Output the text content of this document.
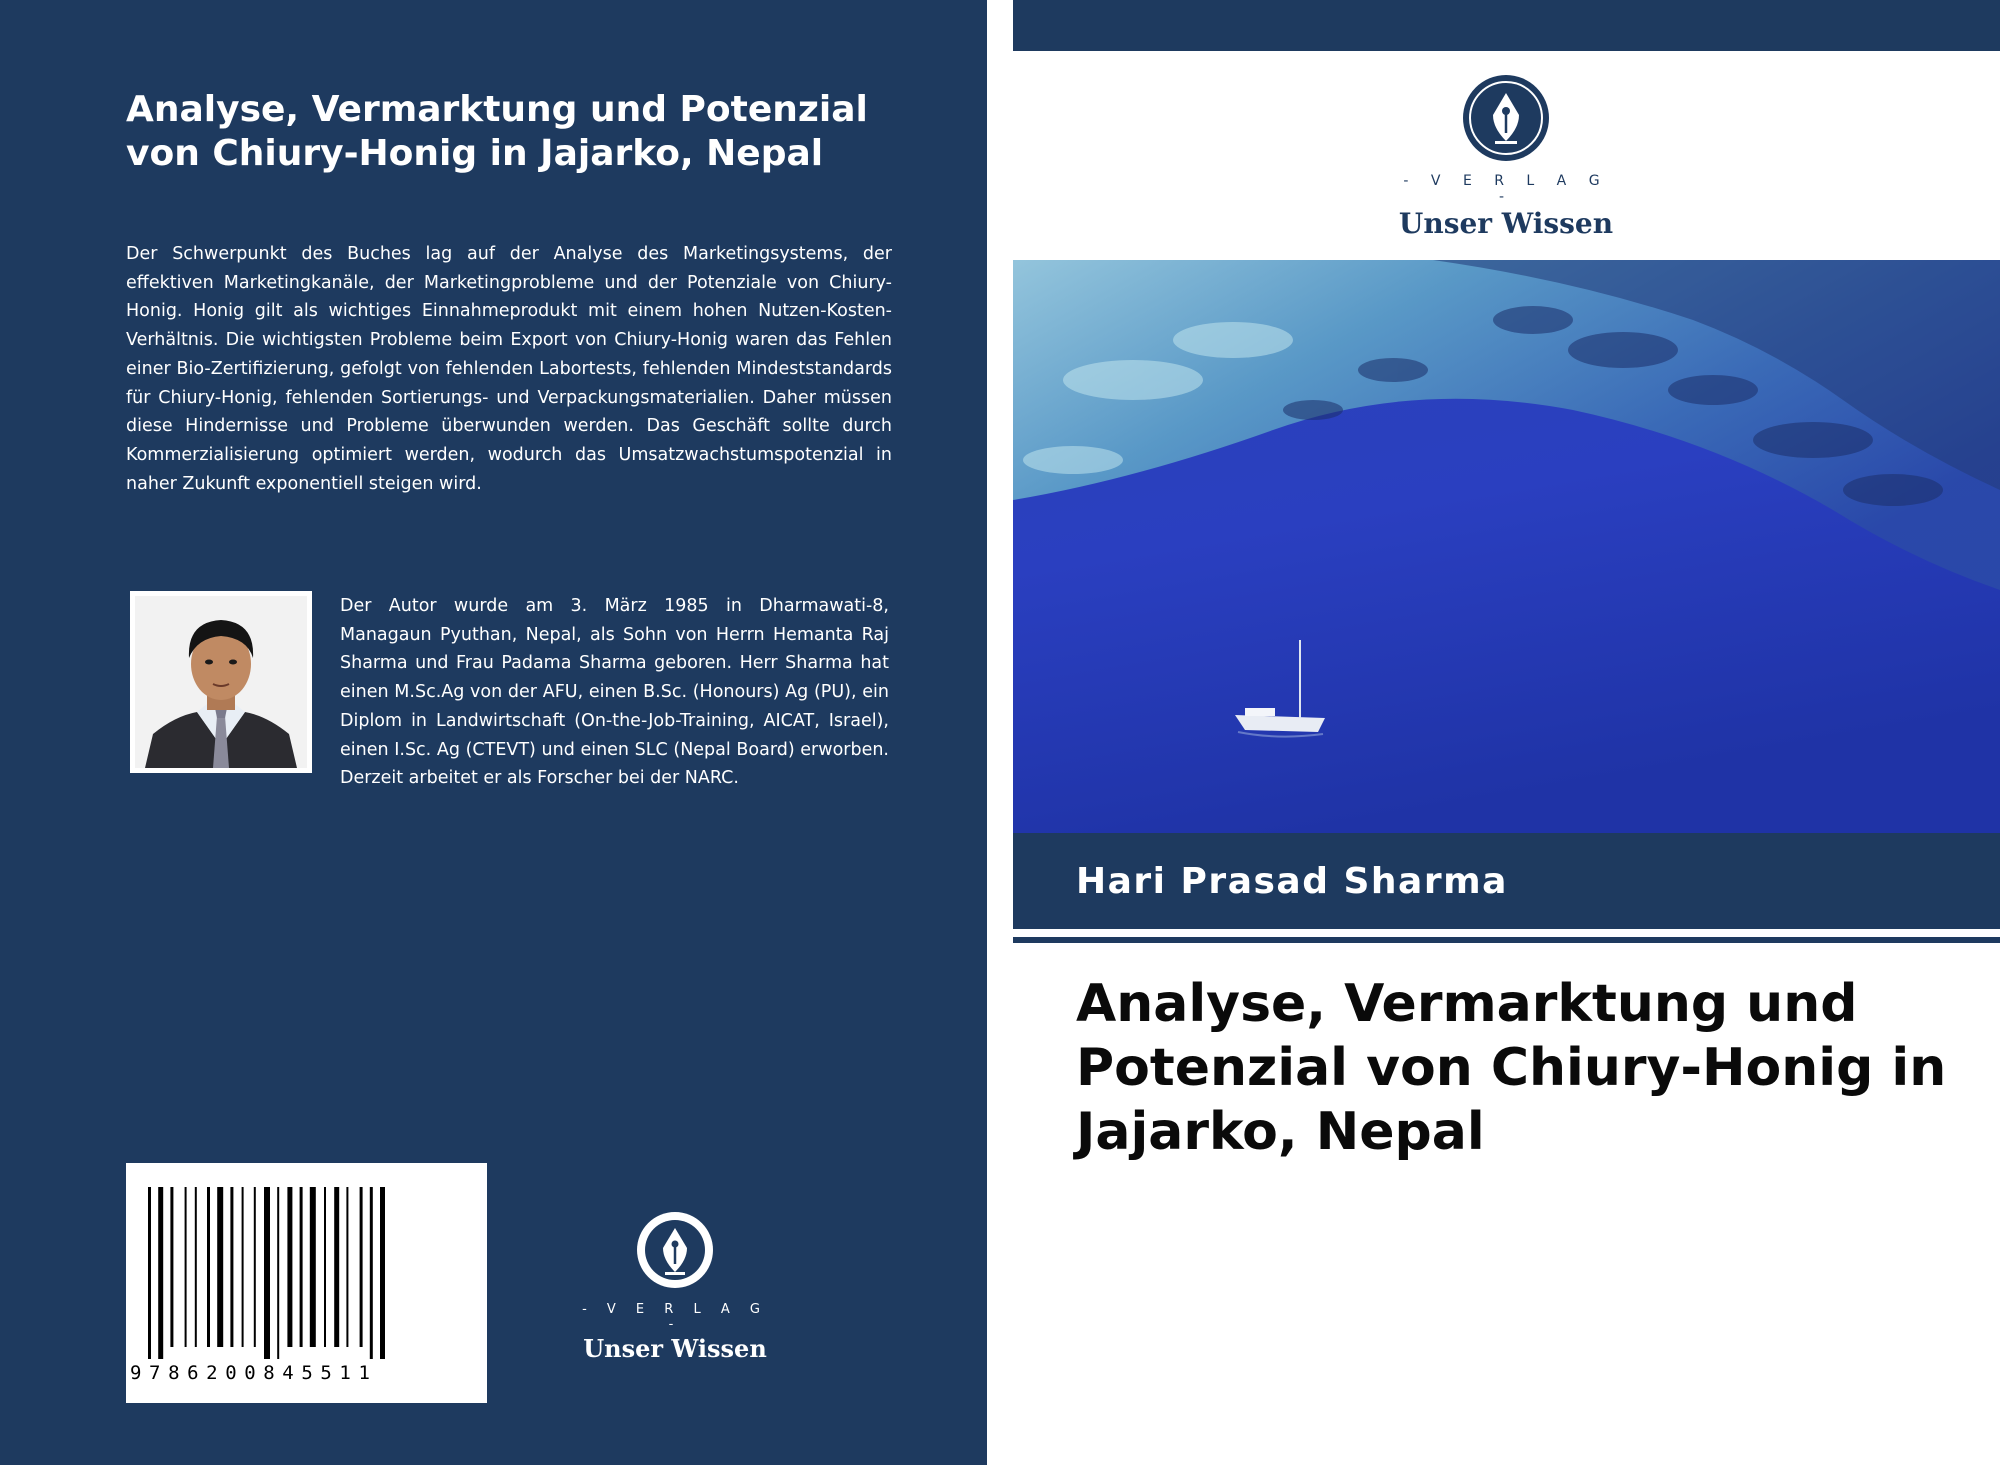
Analyse, Vermarktung und Potenzial von Chiury-Honig in Jajarko, Nepal
Der Schwerpunkt des Buches lag auf der Analyse des Marketingsystems, der effektiven Marketingkanäle, der Marketingprobleme und der Potenziale von Chiury-Honig. Honig gilt als wichtiges Einnahmeprodukt mit einem hohen Nutzen-Kosten-Verhältnis. Die wichtigsten Probleme beim Export von Chiury-Honig waren das Fehlen einer Bio-Zertifizierung, gefolgt von fehlenden Labortests, fehlenden Mindeststandards für Chiury-Honig, fehlenden Sortierungs- und Verpackungsmaterialien. Daher müssen diese Hindernisse und Probleme überwunden werden. Das Geschäft sollte durch Kommerzialisierung optimiert werden, wodurch das Umsatzwachstumspotenzial in naher Zukunft exponentiell steigen wird.
Der Autor wurde am 3. März 1985 in Dharmawati-8, Managaun Pyuthan, Nepal, als Sohn von Herrn Hemanta Raj Sharma und Frau Padama Sharma geboren. Herr Sharma hat einen M.Sc.Ag von der AFU, einen B.Sc. (Honours) Ag (PU), ein Diplom in Landwirtschaft (On-the-Job-Training, AICAT, Israel), einen I.Sc. Ag (CTEVT) und einen SLC (Nepal Board) erworben. Derzeit arbeitet er als Forscher bei der NARC.
9786200845511
- V E R L A G -
Unser Wissen
- V E R L A G -
Unser Wissen
Hari Prasad Sharma
Analyse, Vermarktung und Potenzial von Chiury-Honig in Jajarko, Nepal
